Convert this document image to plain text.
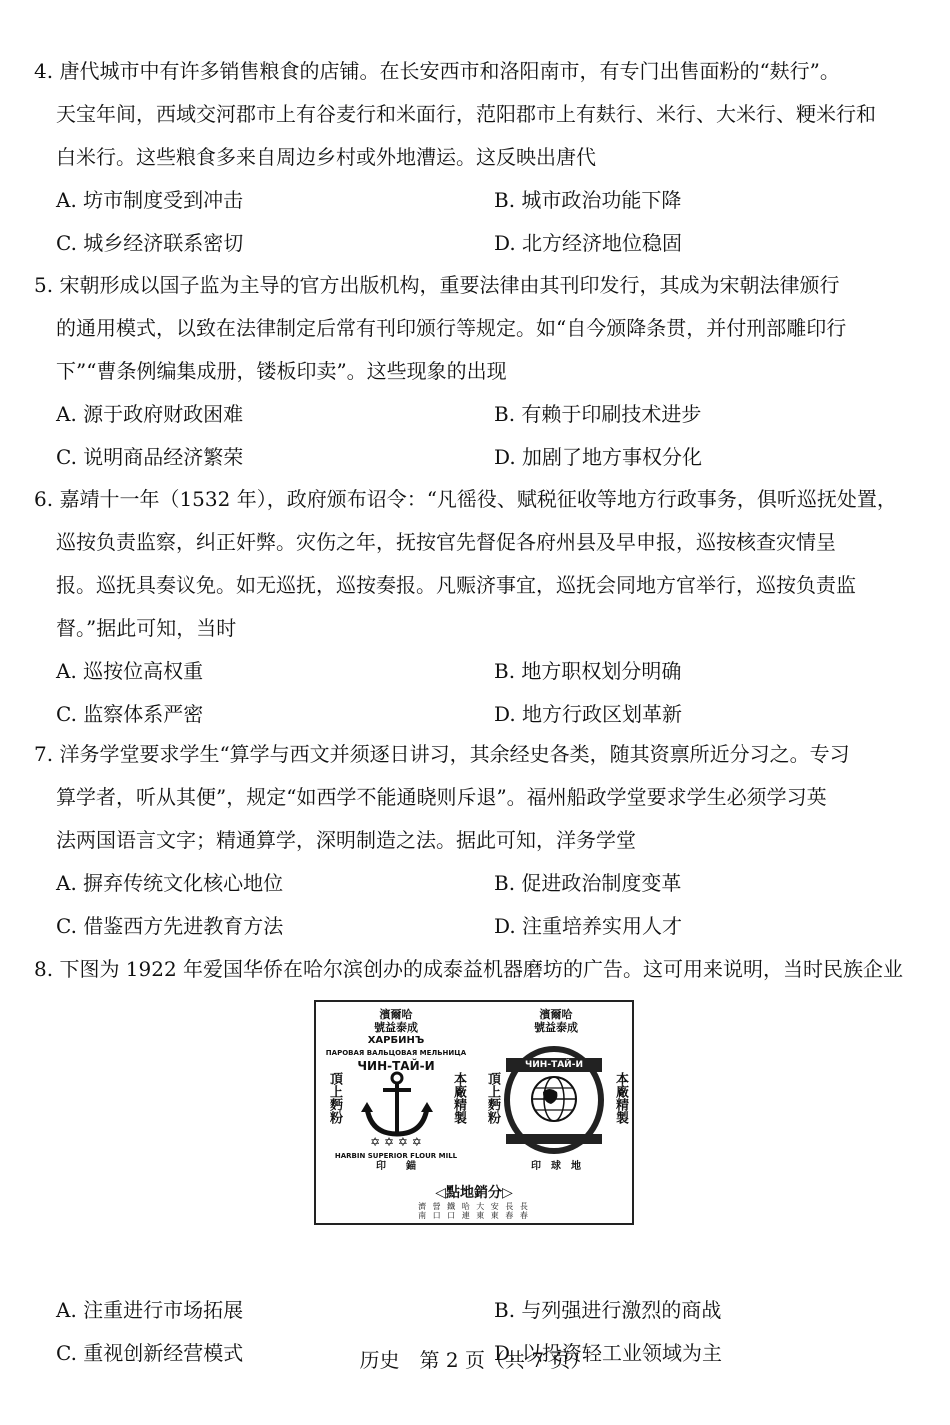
4. 唐代城市中有许多销售粮食的店铺。在长安西市和洛阳南市，有专门出售面粉的“麸行”。
天宝年间，西域交河郡市上有谷麦行和米面行，范阳郡市上有麸行、米行、大米行、粳米行和
白米行。这些粮食多来自周边乡村或外地漕运。这反映出唐代
A. 坊市制度受到冲击	B. 城市政治功能下降
C. 城乡经济联系密切	D. 北方经济地位稳固
5. 宋朝形成以国子监为主导的官方出版机构，重要法律由其刊印发行，其成为宋朝法律颁行
的通用模式，以致在法律制定后常有刊印颁行等规定。如“自今颁降条贯，并付刑部雕印行
下”“曹条例编集成册，镂板印卖”。这些现象的出现
A. 源于政府财政困难	B. 有赖于印刷技术进步
C. 说明商品经济繁荣	D. 加剧了地方事权分化
6. 嘉靖十一年（1532 年），政府颁布诏令：“凡徭役、赋税征收等地方行政事务，俱听巡抚处置，
巡按负责监察，纠正奸弊。灾伤之年，抚按官先督促各府州县及早申报，巡按核查灾情呈
报。巡抚具奏议免。如无巡抚，巡按奏报。凡赈济事宜，巡抚会同地方官举行，巡按负责监
督。”据此可知，当时
A. 巡按位高权重	B. 地方职权划分明确
C. 监察体系严密	D. 地方行政区划革新
7. 洋务学堂要求学生“算学与西文并须逐日讲习，其余经史各类，随其资禀所近分习之。专习
算学者，听从其便”，规定“如西学不能通晓则斥退”。福州船政学堂要求学生必须学习英
法两国语言文字；精通算学，深明制造之法。据此可知，洋务学堂
A. 摒弃传统文化核心地位	B. 促进政治制度变革
C. 借鉴西方先进教育方法	D. 注重培养实用人才
8. 下图为 1922 年爱国华侨在哈尔滨创办的成泰益机器磨坊的广告。这可用来说明，当时民族企业
A. 注重进行市场拓展	B. 与列强进行激烈的商战
C. 重视创新经营模式	D. 以投资轻工业领域为主
濱爾哈
號益泰成
ХАРБИНЪ
ПАРОВАЯ ВАЛЬЦОВАЯ МЕЛЬНИЦА
ЧИН-ТАЙ-И
頂上麪粉	本廠精製
✡ ✡ ✡ ✡
HARBIN SUPERIOR FLOUR MILL
印　　錨
濱爾哈
號益泰成
頂上麪粉	本廠精製
印　球　地
ЧИН-ТАЙ-И
◁點地銷分▷
濟 營 鐵 哈 大 安 長 長
南 口 口 連 東 東 春 春
历史　第 2 页（共 7 页）
